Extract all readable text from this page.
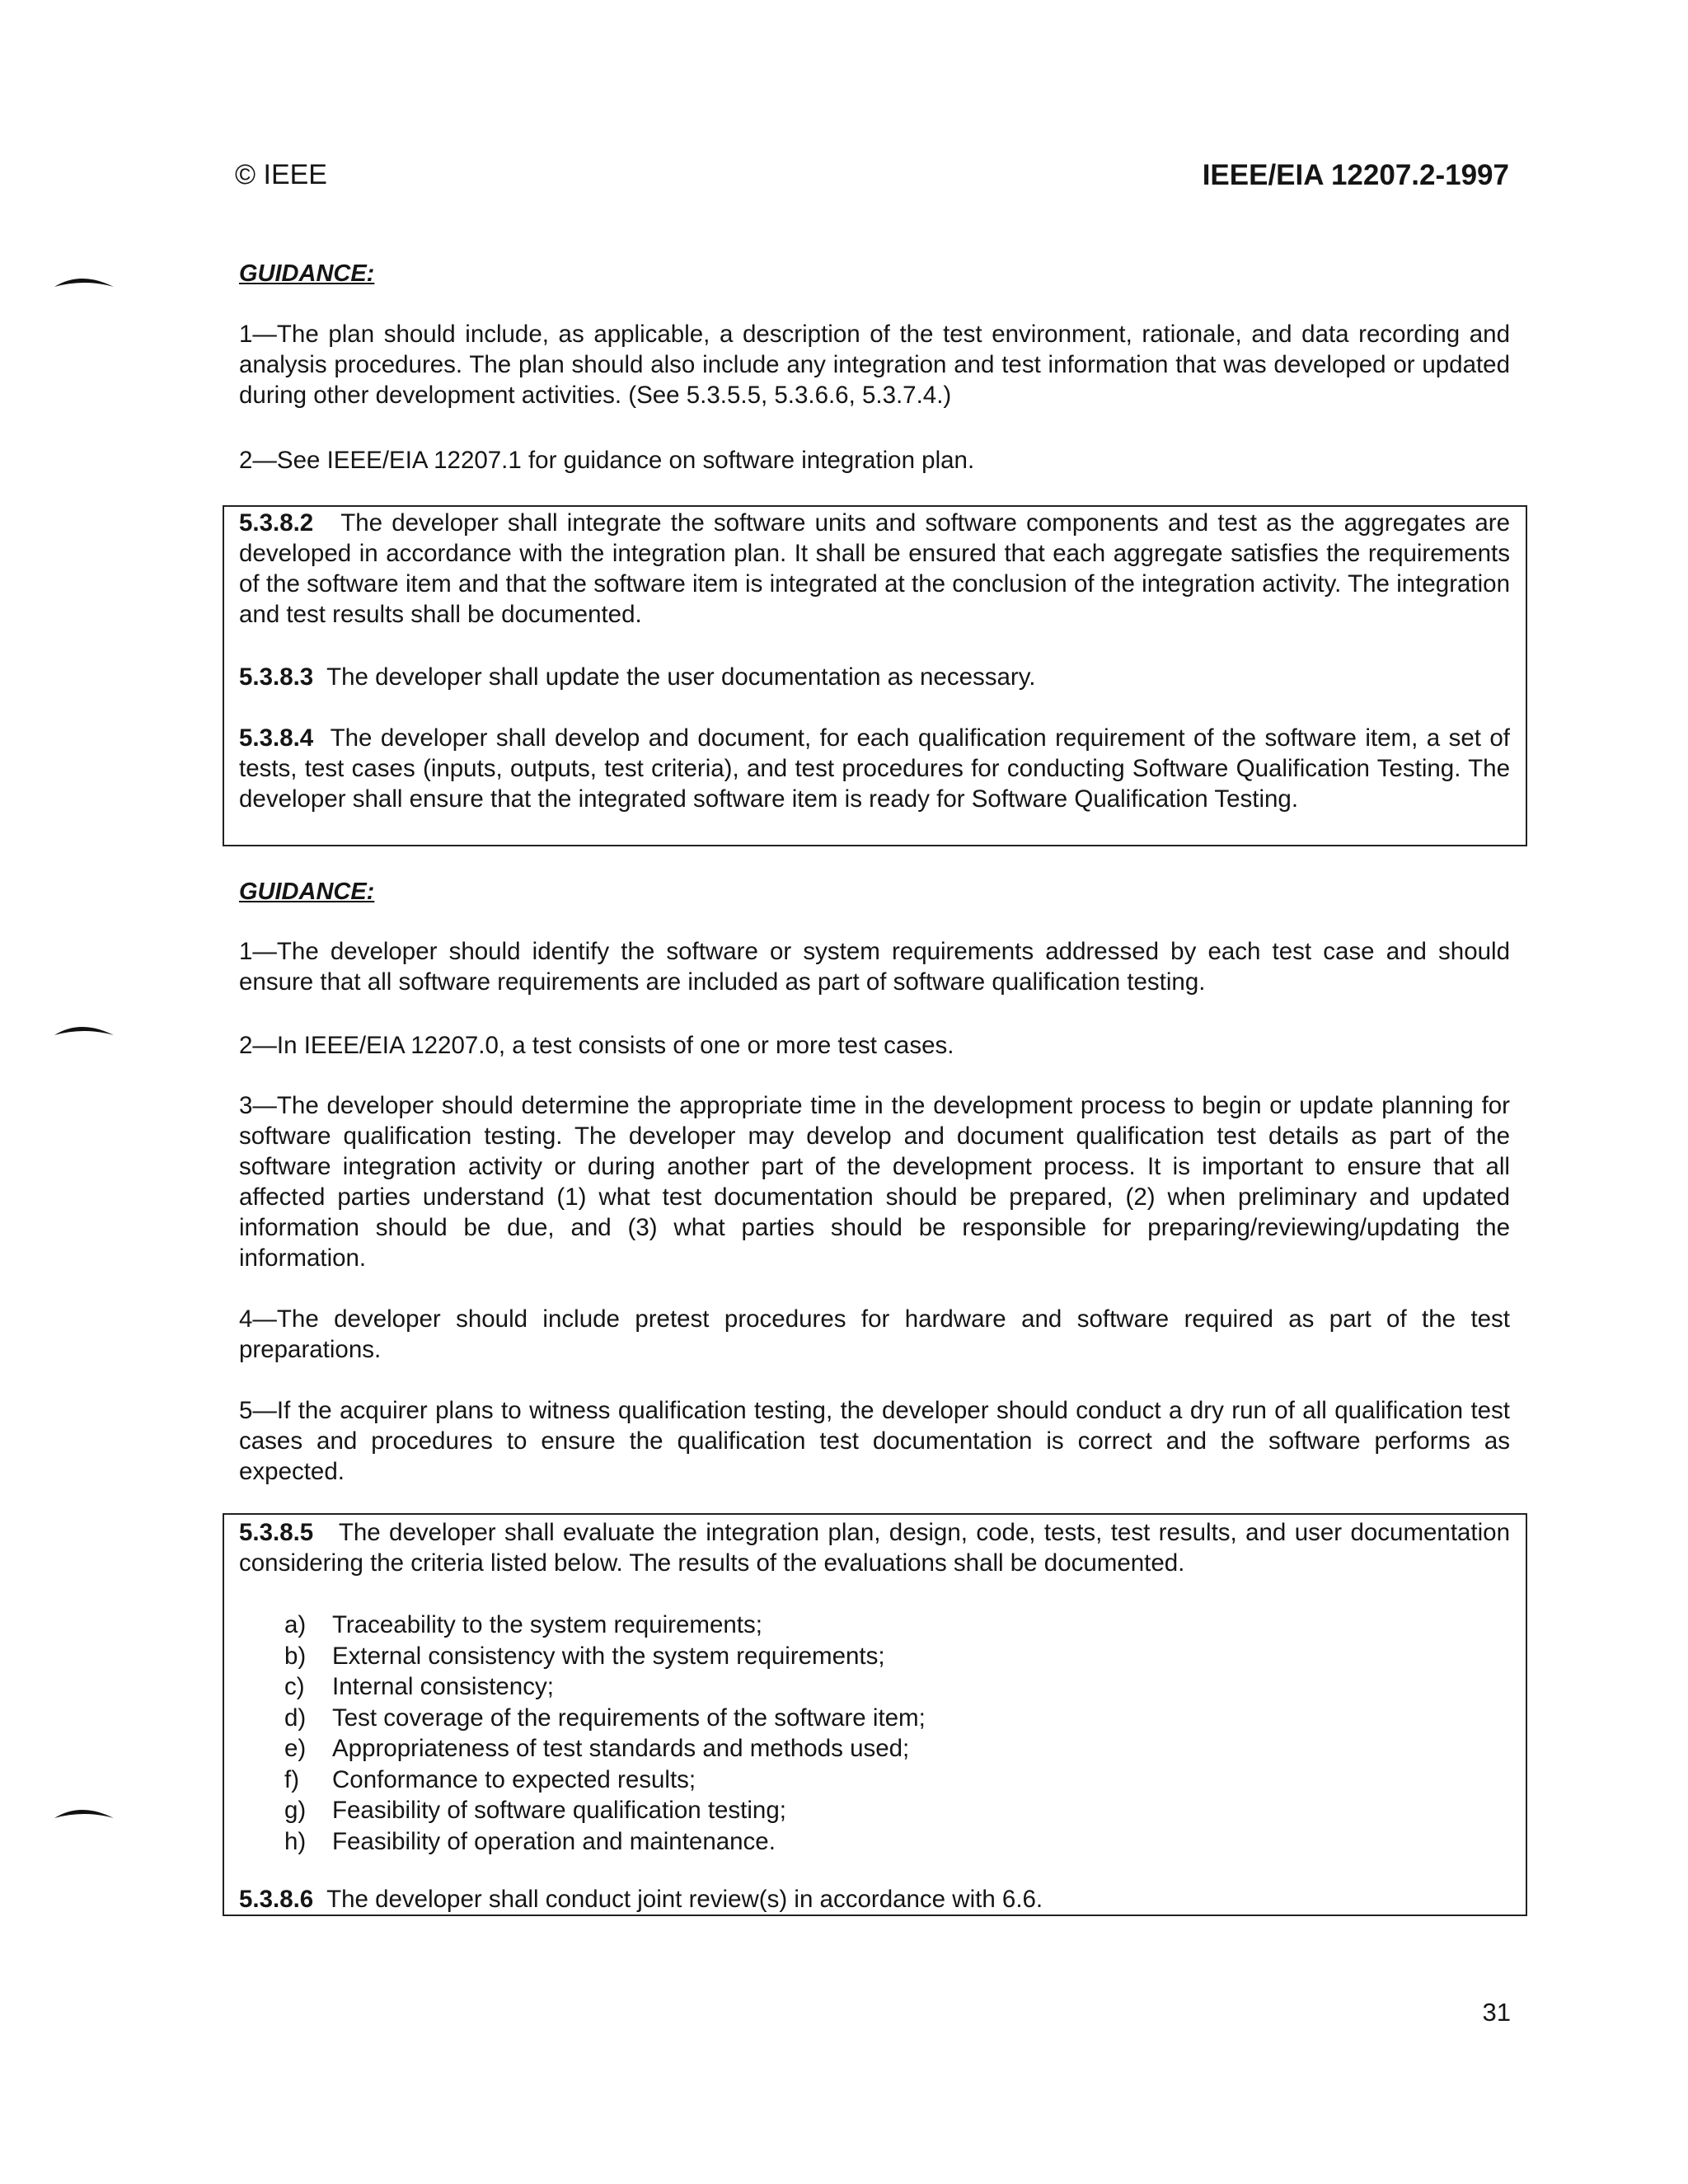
© IEEE	IEEE/EIA 12207.2-1997
GUIDANCE:

1—The plan should include, as applicable, a description of the test environment, rationale, and data recording and analysis procedures. The plan should also include any integration and test information that was developed or updated during other development activities. (See 5.3.5.5, 5.3.6.6, 5.3.7.4.)

2—See IEEE/EIA 12207.1 for guidance on software integration plan.

5.3.8.2 The developer shall integrate the software units and software components and test as the aggregates are developed in accordance with the integration plan. It shall be ensured that each aggregate satisfies the requirements of the software item and that the software item is integrated at the conclusion of the integration activity. The integration and test results shall be documented.

5.3.8.3 The developer shall update the user documentation as necessary.

5.3.8.4 The developer shall develop and document, for each qualification requirement of the software item, a set of tests, test cases (inputs, outputs, test criteria), and test procedures for conducting Software Qualification Testing. The developer shall ensure that the integrated software item is ready for Software Qualification Testing.

GUIDANCE:

1—The developer should identify the software or system requirements addressed by each test case and should ensure that all software requirements are included as part of software qualification testing.

2—In IEEE/EIA 12207.0, a test consists of one or more test cases.

3—The developer should determine the appropriate time in the development process to begin or update planning for software qualification testing. The developer may develop and document qualification test details as part of the software integration activity or during another part of the development process. It is important to ensure that all affected parties understand (1) what test documentation should be prepared, (2) when preliminary and updated information should be due, and (3) what parties should be responsible for preparing/reviewing/updating the information.

4—The developer should include pretest procedures for hardware and software required as part of the test preparations.

5—If the acquirer plans to witness qualification testing, the developer should conduct a dry run of all qualification test cases and procedures to ensure the qualification test documentation is correct and the software performs as expected.

5.3.8.5 The developer shall evaluate the integration plan, design, code, tests, test results, and user documentation considering the criteria listed below. The results of the evaluations shall be documented.

a)	Traceability to the system requirements;
b)	External consistency with the system requirements;
c)	Internal consistency;
d)	Test coverage of the requirements of the software item;
e)	Appropriateness of test standards and methods used;
f)	Conformance to expected results;
g)	Feasibility of software qualification testing;
h)	Feasibility of operation and maintenance.

5.3.8.6 The developer shall conduct joint review(s) in accordance with 6.6.

31
